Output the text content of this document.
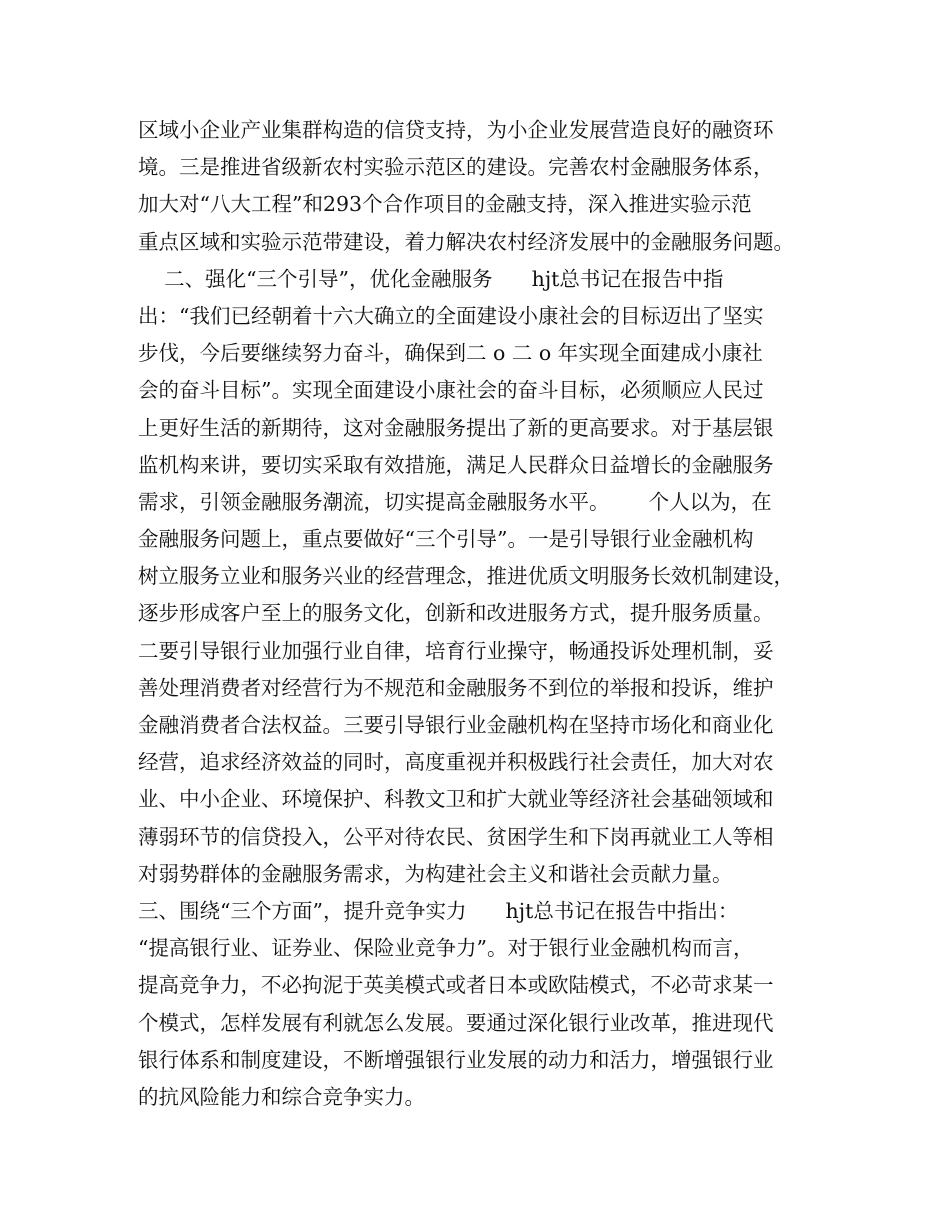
区域小企业产业集群构造的信贷支持，为小企业发展营造良好的融资环
境。三是推进省级新农村实验示范区的建设。完善农村金融服务体系，
加大对“八大工程”和293个合作项目的金融支持，深入推进实验示范
重点区域和实验示范带建设，着力解决农村经济发展中的金融服务问题。
二、强化“三个引导”，优化金融服务      hjt总书记在报告中指
出：“我们已经朝着十六大确立的全面建设小康社会的目标迈出了坚实
步伐，今后要继续努力奋斗，确保到二 o 二 o 年实现全面建成小康社
会的奋斗目标”。实现全面建设小康社会的奋斗目标，必须顺应人民过
上更好生活的新期待，这对金融服务提出了新的更高要求。对于基层银
监机构来讲，要切实采取有效措施，满足人民群众日益增长的金融服务
需求，引领金融服务潮流，切实提高金融服务水平。      个人以为，在
金融服务问题上，重点要做好“三个引导”。一是引导银行业金融机构
树立服务立业和服务兴业的经营理念，推进优质文明服务长效机制建设，
逐步形成客户至上的服务文化，创新和改进服务方式，提升服务质量。
二要引导银行业加强行业自律，培育行业操守，畅通投诉处理机制，妥
善处理消费者对经营行为不规范和金融服务不到位的举报和投诉，维护
金融消费者合法权益。三要引导银行业金融机构在坚持市场化和商业化
经营，追求经济效益的同时，高度重视并积极践行社会责任，加大对农
业、中小企业、环境保护、科教文卫和扩大就业等经济社会基础领域和
薄弱环节的信贷投入，公平对待农民、贫困学生和下岗再就业工人等相
对弱势群体的金融服务需求，为构建社会主义和谐社会贡献力量。
三、围绕“三个方面”，提升竞争实力      hjt总书记在报告中指出：
“提高银行业、证券业、保险业竞争力”。对于银行业金融机构而言，
提高竞争力，不必拘泥于英美模式或者日本或欧陆模式，不必苛求某一
个模式，怎样发展有利就怎么发展。要通过深化银行业改革，推进现代
银行体系和制度建设，不断增强银行业发展的动力和活力，增强银行业
的抗风险能力和综合竞争实力。
